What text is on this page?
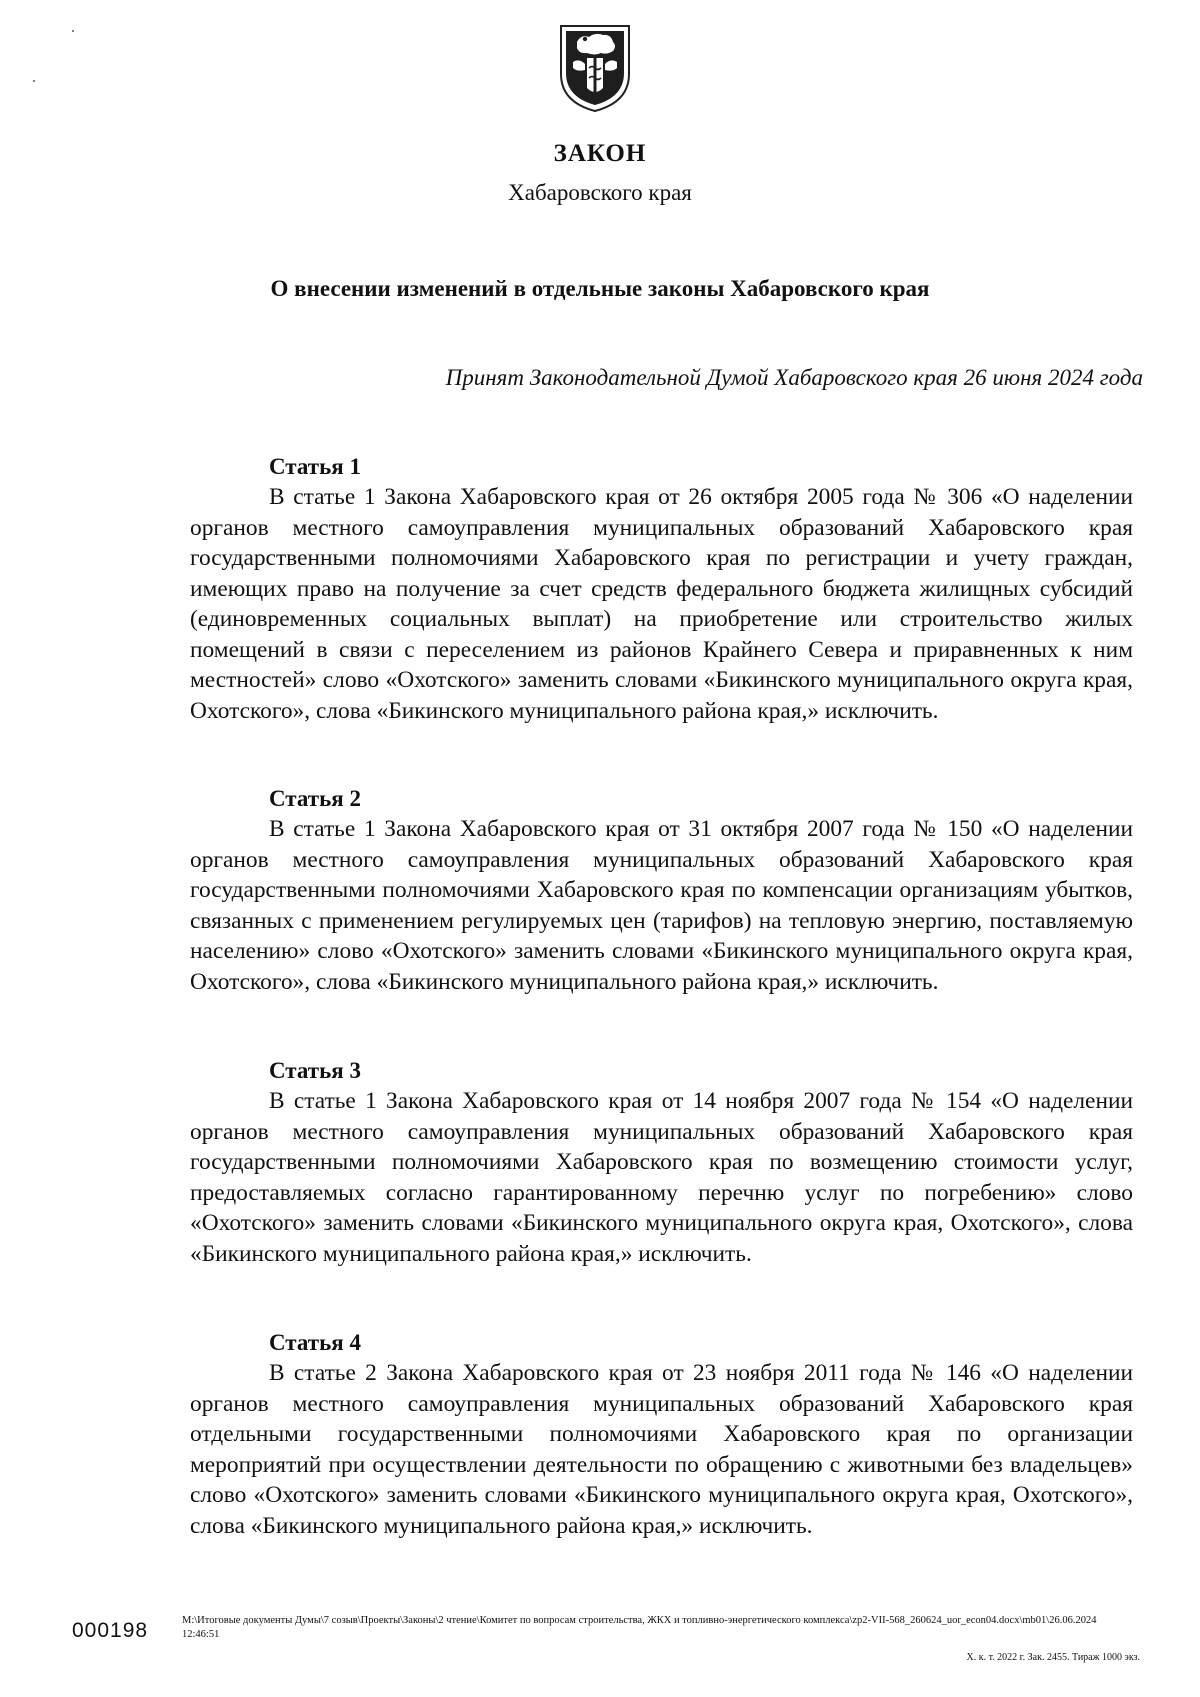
ЗАКОН

Хабаровского края

О внесении изменений в отдельные законы Хабаровского края

Принят Законодательной Думой Хабаровского края 26 июня 2024 года

Статья 1

В статье 1 Закона Хабаровского края от 26 октября 2005 года № 306 «О наделении органов местного самоуправления муниципальных образований Хабаровского края государственными полномочиями Хабаровского края по регистрации и учету граждан, имеющих право на получение за счет средств федерального бюджета жилищных субсидий (единовременных социальных выплат) на приобретение или строительство жилых помещений в связи с переселением из районов Крайнего Севера и приравненных к ним местностей» слово «Охотского» заменить словами «Бикинского муниципального округа края, Охотского», слова «Бикинского муниципального района края,» исключить.

Статья 2

В статье 1 Закона Хабаровского края от 31 октября 2007 года № 150 «О наделении органов местного самоуправления муниципальных образований Хабаровского края государственными полномочиями Хабаровского края по компенсации организациям убытков, связанных с применением регулируемых цен (тарифов) на тепловую энергию, поставляемую населению» слово «Охотского» заменить словами «Бикинского муниципального округа края, Охотского», слова «Бикинского муниципального района края,» исключить.

Статья 3

В статье 1 Закона Хабаровского края от 14 ноября 2007 года № 154 «О наделении органов местного самоуправления муниципальных образований Хабаровского края государственными полномочиями Хабаровского края по возмещению стоимости услуг, предоставляемых согласно гарантированному перечню услуг по погребению» слово «Охотского» заменить словами «Бикинского муниципального округа края, Охотского», слова «Бикинского муниципального района края,» исключить.

Статья 4

В статье 2 Закона Хабаровского края от 23 ноября 2011 года № 146 «О наделении органов местного самоуправления муниципальных образований Хабаровского края отдельными государственными полномочиями Хабаровского края по организации мероприятий при осуществлении деятельности по обращению с животными без владельцев» слово «Охотского» заменить словами «Бикинского муниципального округа края, Охотского», слова «Бикинского муниципального района края,» исключить.

000198	M:\Итоговые документы Думы\7 созыв\Проекты\Законы\2 чтение\Комитет по вопросам строительства, ЖКХ и топливно-энергетического комплекса\zp2-VII-568_260624_uor_econ04.docx\mb01\26.06.2024 12:46:51

Х. к. т. 2022 г. Зак. 2455. Тираж 1000 экз.
